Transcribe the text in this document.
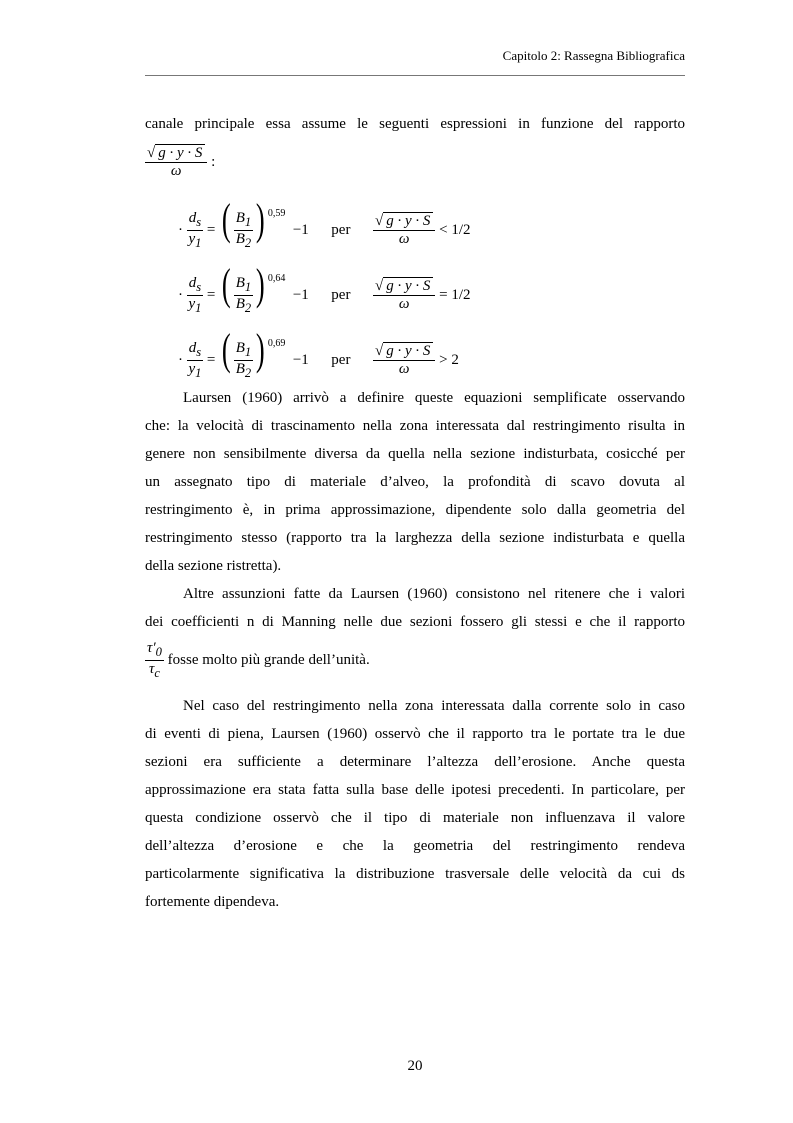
Capitolo 2: Rassegna Bibliografica
canale principale essa assume le seguenti espressioni in funzione del rapporto
$\frac{√ g \cdot y \cdot S}{\omega}$ :
· $\frac{d_s}{y_1}$ = ( $\frac{B_1}{B_2}$ ) $^{0,59}$  −1      per $\frac{√ g \cdot y \cdot S}{\omega} < 1/2$
· $\frac{d_s}{y_1}$ = ( $\frac{B_1}{B_2}$ ) $^{0,64}$  −1      per $\frac{√ g \cdot y \cdot S}{\omega} = 1/2$
· $\frac{d_s}{y_1}$ = ( $\frac{B_1}{B_2}$ ) $^{0,69}$  −1      per $\frac{√ g \cdot y \cdot S}{\omega} > 2$
Laursen (1960) arrivò a definire queste equazioni semplificate osservando
che: la velocità di trascinamento nella zona interessata dal restringimento risulta in
genere non sensibilmente diversa da quella nella sezione indisturbata, cosicché per
un assegnato tipo di materiale d’alveo, la profondità di scavo dovuta al
restringimento è, in prima approssimazione, dipendente solo dalla geometria del
restringimento stesso (rapporto tra la larghezza della sezione indisturbata e quella
della sezione ristretta).
Altre assunzioni fatte da Laursen (1960) consistono nel ritenere che i valori
dei coefficienti n di Manning nelle due sezioni fossero gli stessi e che il rapporto
$\frac{\tau'_0}{\tau_c}$ fosse molto più grande dell’unità.
Nel caso del restringimento nella zona interessata dalla corrente solo in caso
di eventi di piena, Laursen (1960) osservò che il rapporto tra le portate tra le due
sezioni era sufficiente a determinare l’altezza dell’erosione. Anche questa
approssimazione era stata fatta sulla base delle ipotesi precedenti. In particolare, per
questa condizione osservò che il tipo di materiale non influenzava il valore
dell’altezza d’erosione e che la geometria del restringimento rendeva
particolarmente significativa la distribuzione trasversale delle velocità da cui ds
fortemente dipendeva.
20
